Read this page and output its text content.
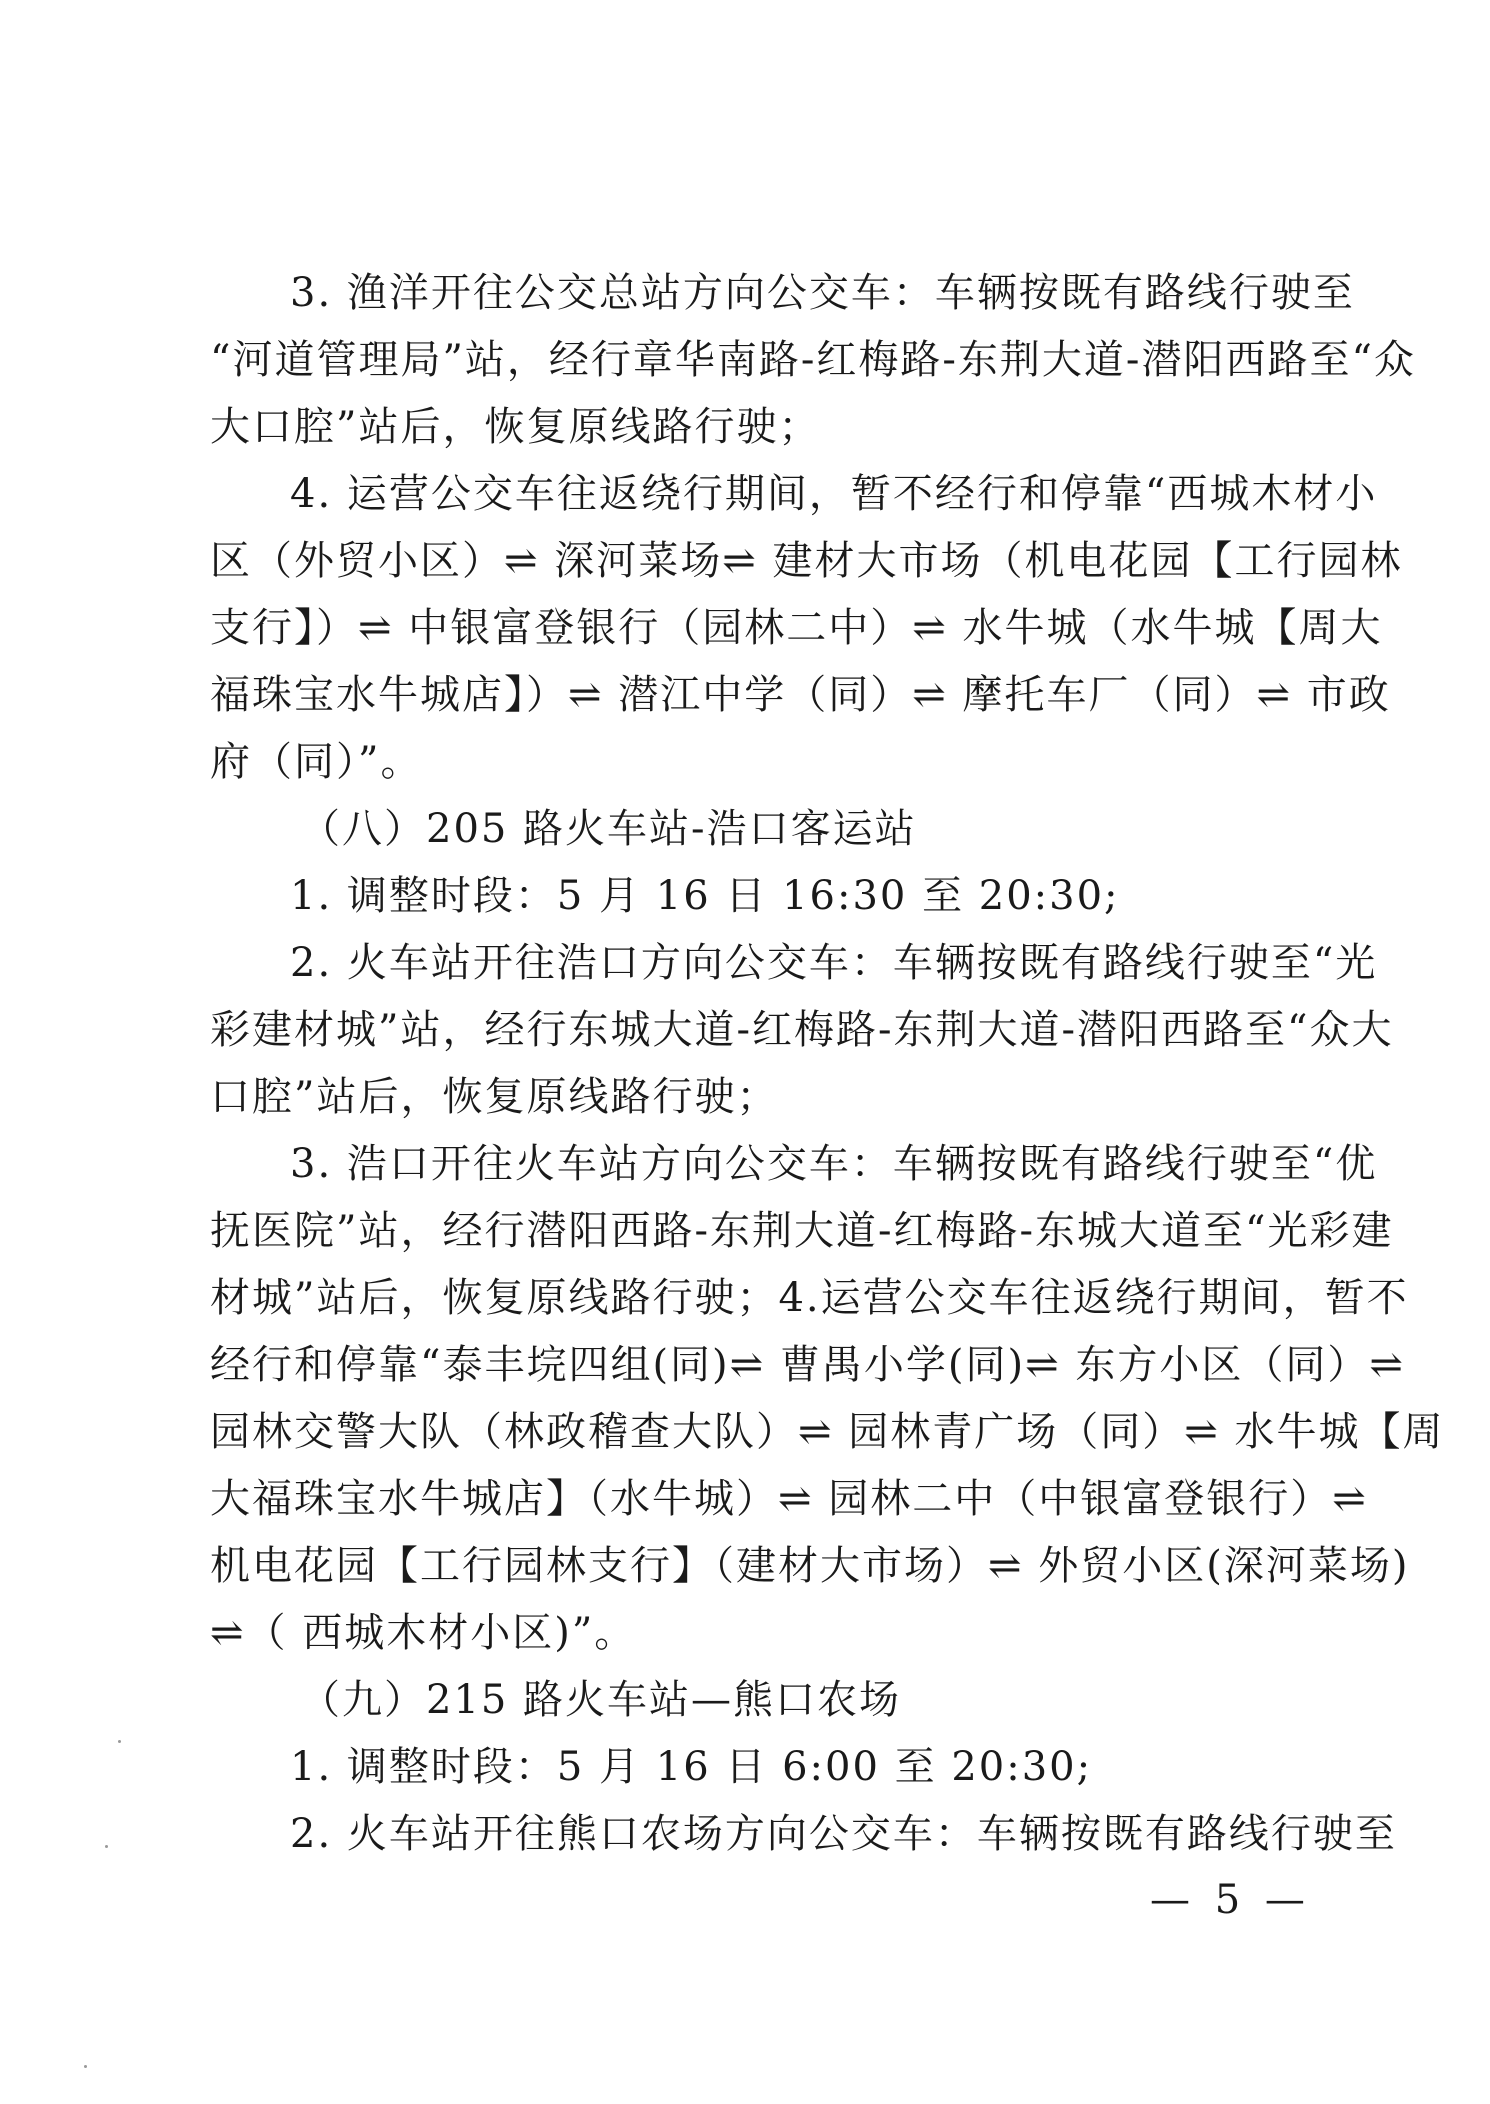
3. 渔洋开往公交总站方向公交车：车辆按既有路线行驶至
“河道管理局”站，经行章华南路-红梅路-东荆大道-潜阳西路至“众
大口腔”站后，恢复原线路行驶；
4. 运营公交车往返绕行期间，暂不经行和停靠“西城木材小
区（外贸小区）⇌ 深河菜场⇌ 建材大市场（机电花园【工行园林
支行】）⇌ 中银富登银行（园林二中）⇌ 水牛城（水牛城【周大
福珠宝水牛城店】）⇌ 潜江中学（同）⇌ 摩托车厂（同）⇌ 市政
府（同）”。
（八）205 路火车站-浩口客运站
1. 调整时段：5 月 16 日 16:30 至 20:30;
2. 火车站开往浩口方向公交车：车辆按既有路线行驶至“光
彩建材城”站，经行东城大道-红梅路-东荆大道-潜阳西路至“众大
口腔”站后，恢复原线路行驶；
3. 浩口开往火车站方向公交车：车辆按既有路线行驶至“优
抚医院”站，经行潜阳西路-东荆大道-红梅路-东城大道至“光彩建
材城”站后，恢复原线路行驶；4.运营公交车往返绕行期间，暂不
经行和停靠“泰丰垸四组(同)⇌ 曹禺小学(同)⇌ 东方小区（同）⇌
园林交警大队（林政稽查大队）⇌ 园林青广场（同）⇌ 水牛城【周
大福珠宝水牛城店】（水牛城）⇌ 园林二中（中银富登银行）⇌
机电花园【工行园林支行】（建材大市场）⇌ 外贸小区(深河菜场)
⇌（ 西城木材小区)”。
（九）215 路火车站—熊口农场
1. 调整时段：5 月 16 日 6:00 至 20:30;
2. 火车站开往熊口农场方向公交车：车辆按既有路线行驶至
— 5 —
